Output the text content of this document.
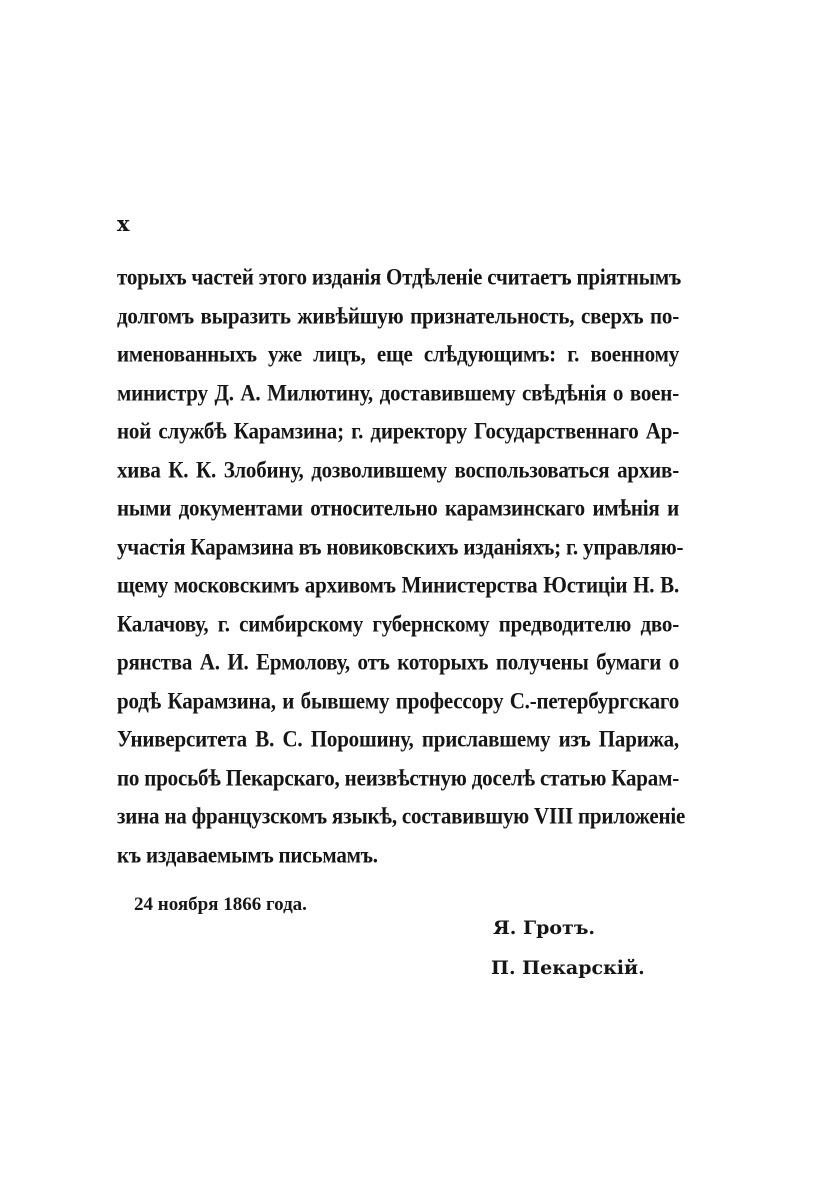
x
торыхъ частей этого изданія Отдѣленіе считаетъ пріятнымъ
долгомъ выразить живѣйшую признательность, сверхъ по-
именованныхъ уже лицъ, еще слѣдующимъ: г. военному
министру Д. А. Милютину, доставившему свѣдѣнія о воен-
ной службѣ Карамзина; г. директору Государственнаго Ар-
хива К. К. Злобину, дозволившему воспользоваться архив-
ными документами относительно карамзинскаго имѣнія и
участія Карамзина въ новиковскихъ изданіяхъ; г. управляю-
щему московскимъ архивомъ Министерства Юстиціи Н. В.
Калачову, г. симбирскому губернскому предводителю дво-
рянства А. И. Ермолову, отъ которыхъ получены бумаги о
родѣ Карамзина, и бывшему профессору С.-петербургскаго
Университета В. С. Порошину, приславшему изъ Парижа,
по просьбѣ Пекарскаго, неизвѣстную доселѣ статью Карам-
зина на французскомъ языкѣ, составившую VIII приложеніе
къ издаваемымъ письмамъ.
24 ноября 1866 года.
Я. Гротъ.
П. Пекарскій.
